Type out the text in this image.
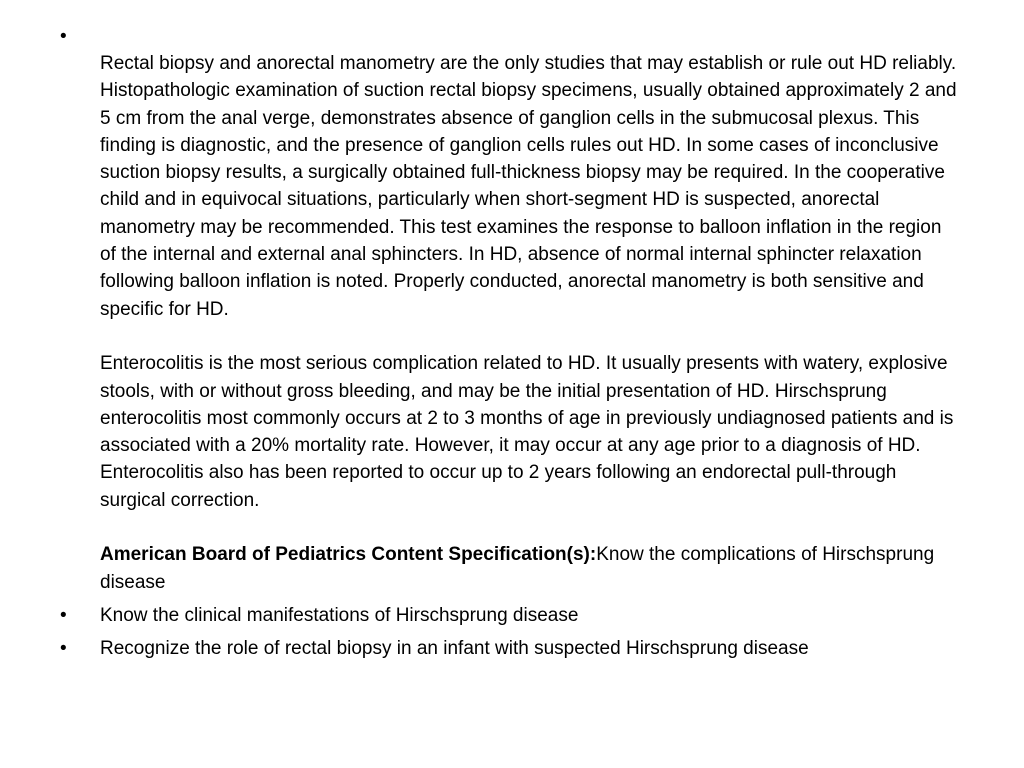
•

Rectal biopsy and anorectal manometry are the only studies that may establish or rule out HD reliably. Histopathologic examination of suction rectal biopsy specimens, usually obtained approximately 2 and 5 cm from the anal verge, demonstrates absence of ganglion cells in the submucosal plexus. This finding is diagnostic, and the presence of ganglion cells rules out HD. In some cases of inconclusive suction biopsy results, a surgically obtained full-thickness biopsy may be required. In the cooperative child and in equivocal situations, particularly when short-segment HD is suspected, anorectal manometry may be recommended. This test examines the response to balloon inflation in the region of the internal and external anal sphincters. In HD, absence of normal internal sphincter relaxation following balloon inflation is noted. Properly conducted, anorectal manometry is both sensitive and specific for HD.

Enterocolitis is the most serious complication related to HD. It usually presents with watery, explosive stools, with or without gross bleeding, and may be the initial presentation of HD. Hirschsprung enterocolitis most commonly occurs at 2 to 3 months of age in previously undiagnosed patients and is associated with a 20% mortality rate. However, it may occur at any age prior to a diagnosis of HD. Enterocolitis also has been reported to occur up to 2 years following an endorectal pull-through surgical correction.

American Board of Pediatrics Content Specification(s):Know the complications of Hirschsprung disease

•	Know the clinical manifestations of Hirschsprung disease
•	Recognize the role of rectal biopsy in an infant with suspected Hirschsprung disease
